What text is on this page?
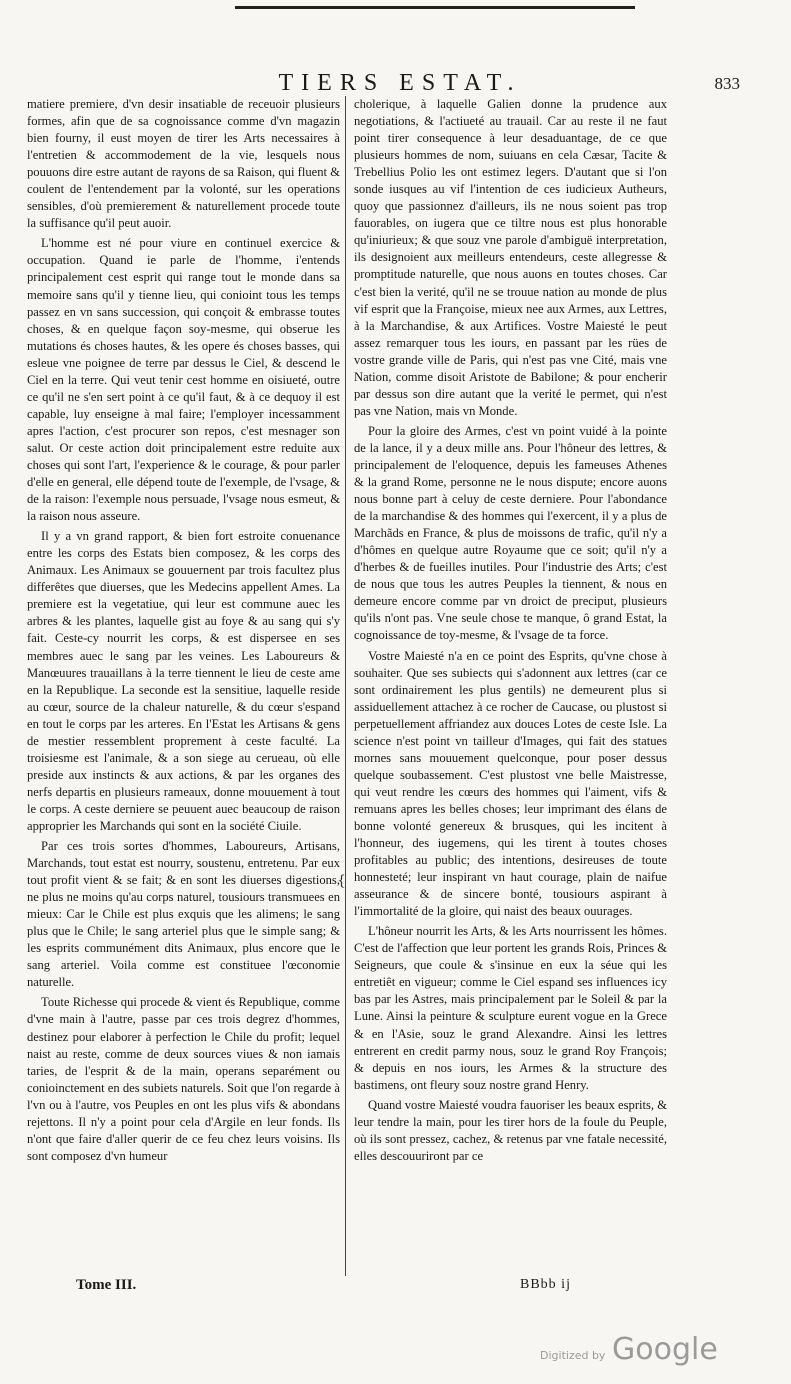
TIERS ESTAT.	833

matiere premiere, d'vn desir insatiable de receuoir plusieurs formes, afin que de sa cognoissance comme d'vn magazin bien fourny, il eust moyen de tirer les Arts necessaires à l'entretien & accommodement de la vie, lesquels nous pouuons dire estre autant de rayons de sa Raison, qui fluent & coulent de l'entendement par la volonté, sur les operations sensibles, d'où premierement & naturellement procede toute la suffisance qu'il peut auoir.

L'homme est né pour viure en continuel exercice & occupation. Quand ie parle de l'homme, i'entends principalement cest esprit qui range tout le monde dans sa memoire sans qu'il y tienne lieu, qui conioint tous les temps passez en vn sans succession, qui conçoit & embrasse toutes choses, & en quelque façon soy-mesme, qui obserue les mutations és choses hautes, & les opere és choses basses, qui esleue vne poignee de terre par dessus le Ciel, & descend le Ciel en la terre. Qui veut tenir cest homme en oisiueté, outre ce qu'il ne s'en sert point à ce qu'il faut, & à ce dequoy il est capable, luy enseigne à mal faire; l'employer incessamment apres l'action, c'est procurer son repos, c'est mesnager son salut. Or ceste action doit principalement estre reduite aux choses qui sont l'art, l'experience & le courage, & pour parler d'elle en general, elle dépend toute de l'exemple, de l'vsage, & de la raison: l'exemple nous persuade, l'vsage nous esmeut, & la raison nous asseure.

Il y a vn grand rapport, & bien fort estroite conuenance entre les corps des Estats bien composez, & les corps des Animaux. Les Animaux se gouuernent par trois facultez plus differêtes que diuerses, que les Medecins appellent Ames. La premiere est la vegetatiue, qui leur est commune auec les arbres & les plantes, laquelle gist au foye & au sang qui s'y fait. Ceste-cy nourrit les corps, & est dispersee en ses membres auec le sang par les veines. Les Laboureurs & Manœuures trauaillans à la terre tiennent le lieu de ceste ame en la Republique. La seconde est la sensitiue, laquelle reside au cœur, source de la chaleur naturelle, & du cœur s'espand en tout le corps par les arteres. En l'Estat les Artisans & gens de mestier ressemblent proprement à ceste faculté. La troisiesme est l'animale, & a son siege au cerueau, où elle preside aux instincts & aux actions, & par les organes des nerfs departis en plusieurs rameaux, donne mouuement à tout le corps. A ceste derniere se peuuent auec beaucoup de raison approprier les Marchands qui sont en la société Ciuile.

Par ces trois sortes d'hommes, Laboureurs, Artisans, Marchands, tout estat est nourry, soustenu, entretenu. Par eux tout profit vient & se fait; & en sont les diuerses digestions, ne plus ne moins qu'au corps naturel, tousiours transmuees en mieux: Car le Chile est plus exquis que les alimens; le sang plus que le Chile; le sang arteriel plus que le simple sang; & les esprits communément dits Animaux, plus encore que le sang arteriel. Voila comme est constituee l'œconomie naturelle.

Toute Richesse qui procede & vient és Republique, comme d'vne main à l'autre, passe par ces trois degrez d'hommes, destinez pour elaborer à perfection le Chile du profit; lequel naist au reste, comme de deux sources viues & non iamais taries, de l'esprit & de la main, operans separément ou conioinctement en des subiets naturels. Soit que l'on regarde à l'vn ou à l'autre, vos Peuples en ont les plus vifs & abondans rejettons. Il n'y a point pour cela d'Argile en leur fonds. Ils n'ont que faire d'aller querir de ce feu chez leurs voisins. Ils sont composez d'vn humeur

{

cholerique, à laquelle Galien donne la prudence aux negotiations, & l'actiueté au trauail. Car au reste il ne faut point tirer consequence à leur desaduantage, de ce que plusieurs hommes de nom, suiuans en cela Cæsar, Tacite & Trebellius Polio les ont estimez legers. D'autant que si l'on sonde iusques au vif l'intention de ces iudicieux Autheurs, quoy que passionnez d'ailleurs, ils ne nous soient pas trop fauorables, on iugera que ce tiltre nous est plus honorable qu'iniurieux; & que souz vne parole d'ambiguë interpretation, ils designoient aux meilleurs entendeurs, ceste allegresse & promptitude naturelle, que nous auons en toutes choses. Car c'est bien la verité, qu'il ne se trouue nation au monde de plus vif esprit que la Françoise, mieux nee aux Armes, aux Lettres, à la Marchandise, & aux Artifices. Vostre Maiesté le peut assez remarquer tous les iours, en passant par les rües de vostre grande ville de Paris, qui n'est pas vne Cité, mais vne Nation, comme disoit Aristote de Babilone; & pour encherir par dessus son dire autant que la verité le permet, qui n'est pas vne Nation, mais vn Monde.

Pour la gloire des Armes, c'est vn point vuidé à la pointe de la lance, il y a deux mille ans. Pour l'hôneur des lettres, & principalement de l'eloquence, depuis les fameuses Athenes & la grand Rome, personne ne le nous dispute; encore auons nous bonne part à celuy de ceste derniere. Pour l'abondance de la marchandise & des hommes qui l'exercent, il y a plus de Marchãds en France, & plus de moissons de trafic, qu'il n'y a d'hômes en quelque autre Royaume que ce soit; qu'il n'y a d'herbes & de fueilles inutiles. Pour l'industrie des Arts; c'est de nous que tous les autres Peuples la tiennent, & nous en demeure encore comme par vn droict de preciput, plusieurs qu'ils n'ont pas. Vne seule chose te manque, ô grand Estat, la cognoissance de toy-mesme, & l'vsage de ta force.

Vostre Maiesté n'a en ce point des Esprits, qu'vne chose à souhaiter. Que ses subiects qui s'adonnent aux lettres (car ce sont ordinairement les plus gentils) ne demeurent plus si assiduellement attachez à ce rocher de Caucase, ou plustost si perpetuellement affriandez aux douces Lotes de ceste Isle. La science n'est point vn tailleur d'Images, qui fait des statues mornes sans mouuement quelconque, pour poser dessus quelque soubassement. C'est plustost vne belle Maistresse, qui veut rendre les cœurs des hommes qui l'aiment, vifs & remuans apres les belles choses; leur imprimant des élans de bonne volonté genereux & brusques, qui les incitent à l'honneur, des iugemens, qui les tirent à toutes choses profitables au public; des intentions, desireuses de toute honnesteté; leur inspirant vn haut courage, plain de naifue asseurance & de sincere bonté, tousiours aspirant à l'immortalité de la gloire, qui naist des beaux ouurages.

L'hôneur nourrit les Arts, & les Arts nourrissent les hômes. C'est de l'affection que leur portent les grands Rois, Princes & Seigneurs, que coule & s'insinue en eux la séue qui les entretiêt en vigueur; comme le Ciel espand ses influences icy bas par les Astres, mais principalement par le Soleil & par la Lune. Ainsi la peinture & sculpture eurent vogue en la Grece & en l'Asie, souz le grand Alexandre. Ainsi les lettres entrerent en credit parmy nous, souz le grand Roy François; & depuis en nos iours, les Armes & la structure des bastimens, ont fleury souz nostre grand Henry.

Quand vostre Maiesté voudra fauoriser les beaux esprits, & leur tendre la main, pour les tirer hors de la foule du Peuple, où ils sont pressez, cachez, & retenus par vne fatale necessité, elles descouuriront par ce

Tome III.	BBbb ij
Digitized by Google
